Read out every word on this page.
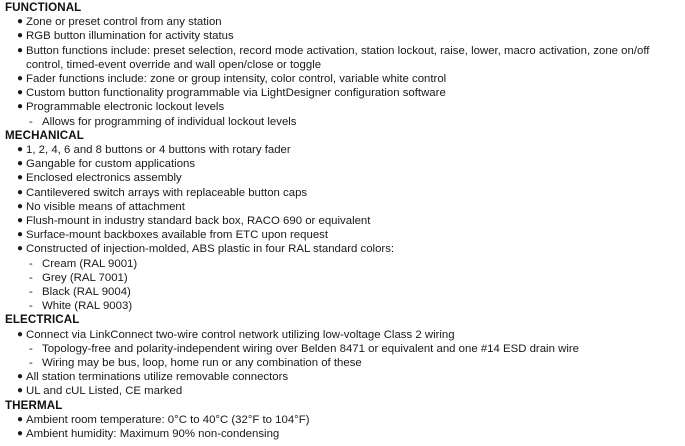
FUNCTIONAL
● Zone or preset control from any station
● RGB button illumination for activity status
● Button functions include: preset selection, record mode activation, station lockout, raise, lower, macro activation, zone on/off control, timed-event override and wall open/close or toggle
● Fader functions include: zone or group intensity, color control, variable white control
● Custom button functionality programmable via LightDesigner configuration software
● Programmable electronic lockout levels
- Allows for programming of individual lockout levels
MECHANICAL
● 1, 2, 4, 6 and 8 buttons or 4 buttons with rotary fader
● Gangable for custom applications
● Enclosed electronics assembly
● Cantilevered switch arrays with replaceable button caps
● No visible means of attachment
● Flush-mount in industry standard back box, RACO 690 or equivalent
● Surface-mount backboxes available from ETC upon request
● Constructed of injection-molded, ABS plastic in four RAL standard colors:
- Cream (RAL 9001)
- Grey (RAL 7001)
- Black (RAL 9004)
- White (RAL 9003)
ELECTRICAL
● Connect via LinkConnect two-wire control network utilizing low-voltage Class 2 wiring
- Topology-free and polarity-independent wiring over Belden 8471 or equivalent and one #14 ESD drain wire
- Wiring may be bus, loop, home run or any combination of these
● All station terminations utilize removable connectors
● UL and cUL Listed, CE marked
THERMAL
● Ambient room temperature: 0°C to 40°C (32°F to 104°F)
● Ambient humidity: Maximum 90% non-condensing
